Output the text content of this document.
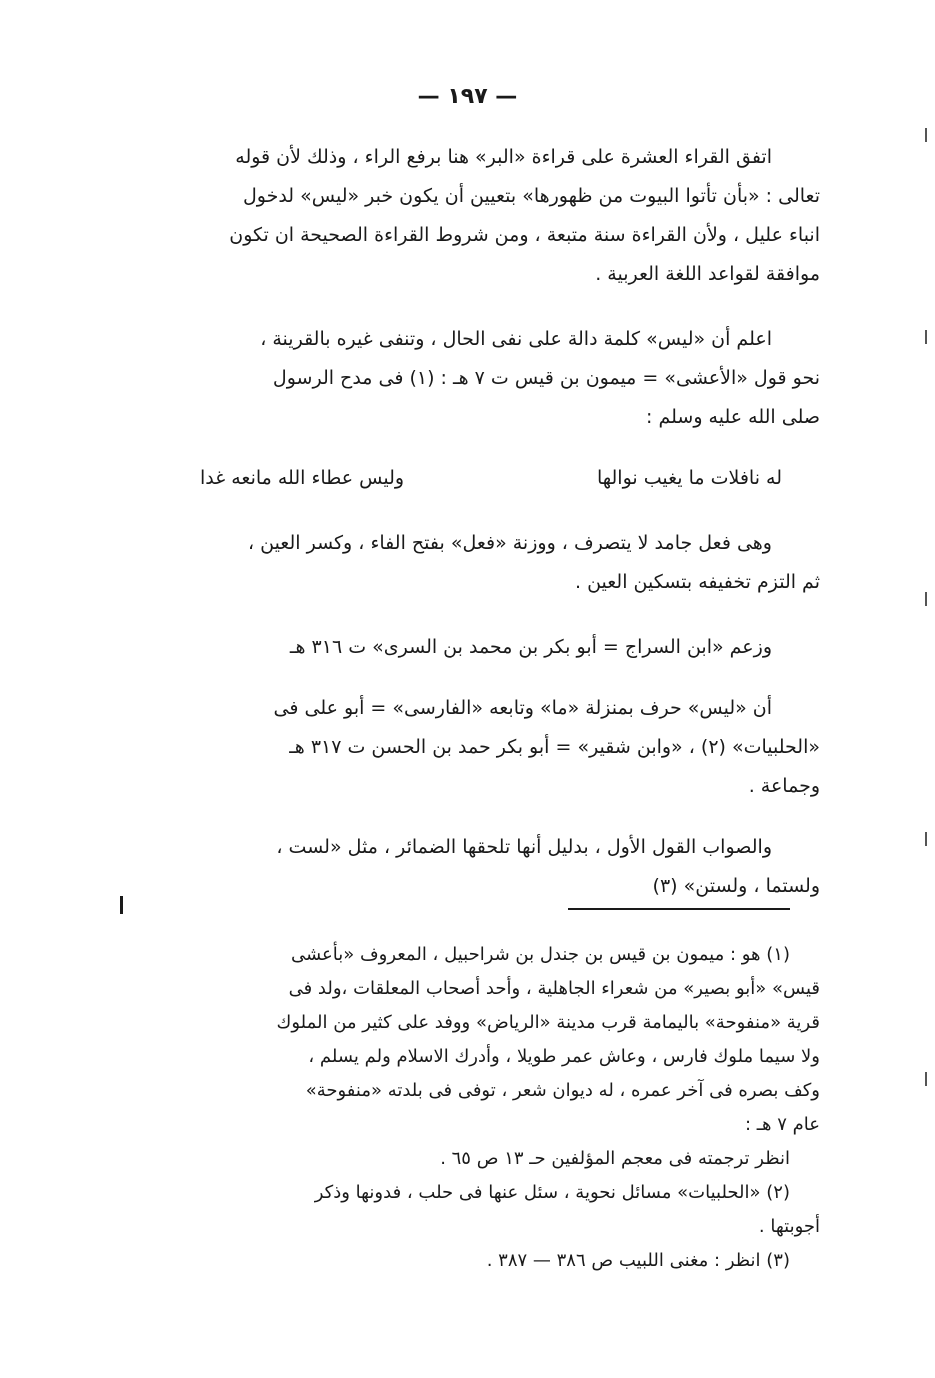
— ١٩٧ —
اتفق القراء العشرة على قراءة «البر» هنا برفع الراء ، وذلك لأن قوله
تعالى : «بأن تأتوا البيوت من ظهورها» بتعيين أن يكون خبر «ليس» لدخول
انباء عليل ، ولأن القراءة سنة متبعة ، ومن شروط القراءة الصحيحة ان تكون
موافقة لقواعد اللغة العربية .
اعلم أن «ليس» كلمة دالة على نفى الحال ، وتنفى غيره بالقرينة ،
نحو قول «الأعشى» = ميمون بن قيس ت ٧ هـ : (١) فى مدح الرسول
صلى الله عليه وسلم :
له نافلات ما يغيب نوالها
وليس عطاء الله مانعه غدا
وهى فعل جامد لا يتصرف ، ووزنة «فعل» بفتح الفاء ، وكسر العين ،
ثم التزم تخفيفه بتسكين العين .
وزعم «ابن السراج = أبو بكر بن محمد بن السرى» ت ٣١٦ هـ
أن «ليس» حرف بمنزلة «ما» وتابعه «الفارسى» = أبو على فى
«الحلبيات» (٢) ، «وابن شقير» = أبو بكر حمد بن الحسن ت ٣١٧ هـ
وجماعة .
والصواب القول الأول ، بدليل أنها تلحقها الضمائر ، مثل «لست ،
ولستما ، ولستن» (٣)
(١) هو : ميمون بن قيس بن جندل بن شراحبيل ، المعروف «بأعشى
قيس» «أبو بصير» من شعراء الجاهلية ، وأحد أصحاب المعلقات ،ولد فى
قرية «منفوحة» باليمامة قرب مدينة «الرياض» ووفد على كثير من الملوك
ولا سيما ملوك فارس ، وعاش عمر طويلا ، وأدرك الاسلام ولم يسلم ،
وكف بصره فى آخر عمره ، له ديوان شعر ، توفى فى بلدته «منفوحة»
عام ٧ هـ :
انظر ترجمته فى معجم المؤلفين حـ ١٣ ص ٦٥ .
(٢) «الحلبيات» مسائل نحوية ، سئل عنها فى حلب ، فدونها وذكر
أجوبتها .
(٣) انظر : مغنى اللبيب ص ٣٨٦ — ٣٨٧ .
